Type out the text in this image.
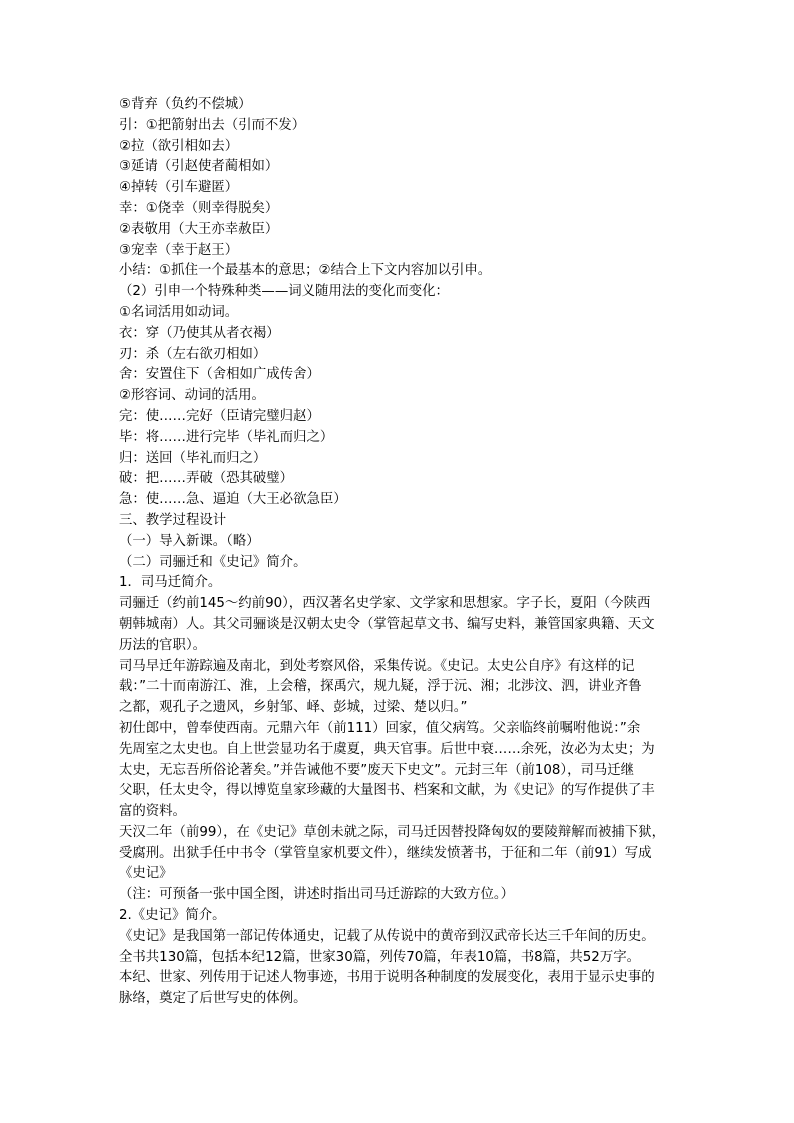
⑤背弃（负约不偿城）
引：①把箭射出去（引而不发）
②拉（欲引相如去）
③延请（引赵使者蔺相如）
④掉转（引车避匿）
幸：①侥幸（则幸得脱矣）
②表敬用（大王亦幸赦臣）
③宠幸（幸于赵王）
小结：①抓住一个最基本的意思；②结合上下文内容加以引申。
（2）引申一个特殊种类——词义随用法的变化而变化：
①名词活用如动词。
衣：穿（乃使其从者衣褐）
刃：杀（左右欲刃相如）
舍：安置住下（舍相如广成传舍）
②形容词、动词的活用。
完：使……完好（臣请完璧归赵）
毕：将……进行完毕（毕礼而归之）
归：送回（毕礼而归之）
破：把……弄破（恐其破璧）
急：使……急、逼迫（大王必欲急臣）
三、教学过程设计
（一）导入新课。（略）
（二）司骊迁和《史记》简介。
1．司马迁简介。
司骊迁（约前145～约前90），西汉著名史学家、文学家和思想家。字子长，夏阳（今陕西
朝韩城南）人。其父司骊谈是汉朝太史令（掌管起草文书、编写史料，兼管国家典籍、天文
历法的官职）。
司马早迁年游踪遍及南北，到处考察风俗，采集传说。《史记。太史公自序》有这样的记
载：”二十而南游江、淮，上会稽，探禹穴，规九疑，浮于沅、湘；北涉汶、泗，讲业齐鲁
之都，观孔子之遗风，乡射邹、峄、彭城，过梁、楚以归。”
初仕郎中，曾奉使西南。元鼎六年（前111）回家，值父病笃。父亲临终前嘱咐他说：”余
先周室之太史也。自上世尝显功名于虞夏，典天官事。后世中衰……余死，汝必为太史；为
太史，无忘吾所俗论著矣。”并告诫他不要”废天下史文”。元封三年（前108），司马迁继
父职，任太史令，得以博览皇家珍藏的大量图书、档案和文献，为《史记》的写作提供了丰
富的资料。
天汉二年（前99），在《史记》草创未就之际，司马迁因替投降匈奴的要陵辩解而被捕下狱，
受腐刑。出狱手任中书令（掌管皇家机要文件），继续发愤著书，于征和二年（前91）写成
《史记》
（注：可预备一张中国全图，讲述时指出司马迁游踪的大致方位。）
2.《史记》简介。
《史记》是我国第一部记传体通史，记载了从传说中的黄帝到汉武帝长达三千年间的历史。
全书共130篇，包括本纪12篇，世家30篇，列传70篇，年表10篇，书8篇，共52万字。
本纪、世家、列传用于记述人物事迹，书用于说明各种制度的发展变化，表用于显示史事的
脉络，奠定了后世写史的体例。
